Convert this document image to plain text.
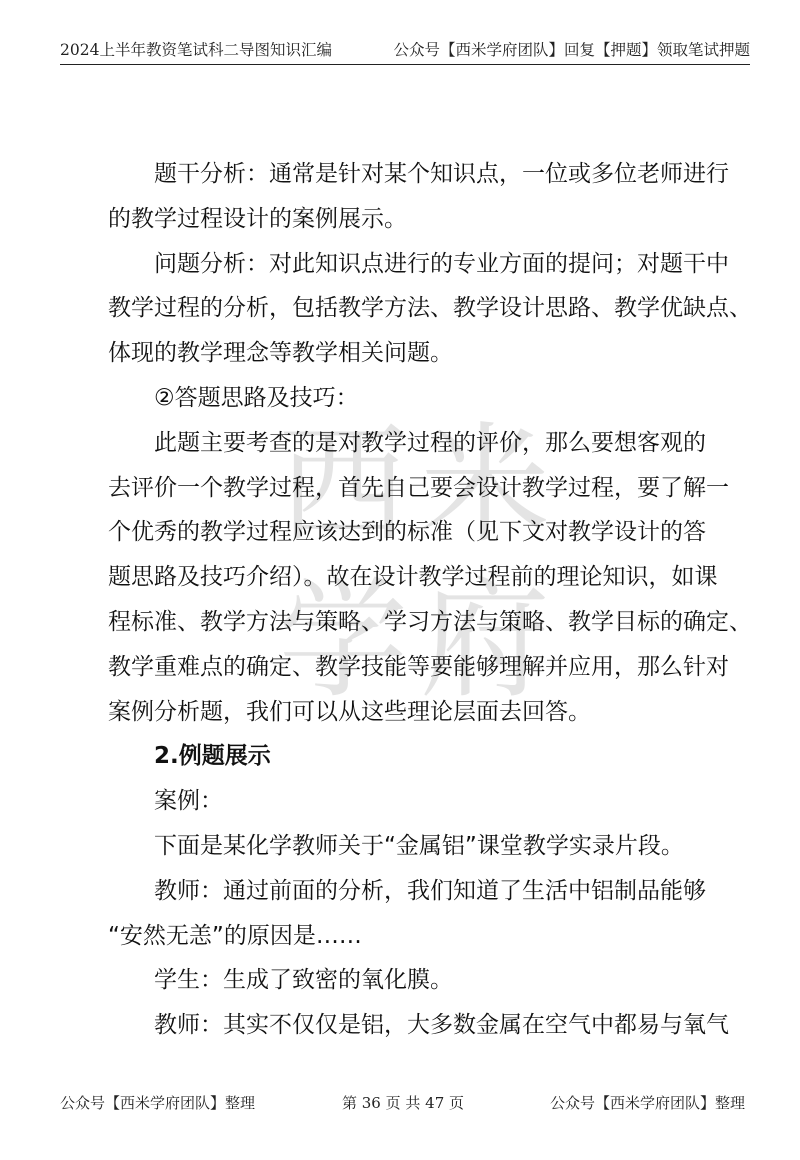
2024上半年教资笔试科二导图知识汇编	公众号【西米学府团队】回复【押题】领取笔试押题
西 米
学 府
题干分析：通常是针对某个知识点，一位或多位老师进行
的教学过程设计的案例展示。
问题分析：对此知识点进行的专业方面的提问；对题干中
教学过程的分析，包括教学方法、教学设计思路、教学优缺点、
体现的教学理念等教学相关问题。
②答题思路及技巧：
此题主要考查的是对教学过程的评价，那么要想客观的
去评价一个教学过程，首先自己要会设计教学过程，要了解一
个优秀的教学过程应该达到的标准（见下文对教学设计的答
题思路及技巧介绍）。故在设计教学过程前的理论知识，如课
程标准、教学方法与策略、学习方法与策略、教学目标的确定、
教学重难点的确定、教学技能等要能够理解并应用，那么针对
案例分析题，我们可以从这些理论层面去回答。
2.例题展示
案例：
下面是某化学教师关于“金属铝”课堂教学实录片段。
教师：通过前面的分析，我们知道了生活中铝制品能够
“安然无恙”的原因是……
学生：生成了致密的氧化膜。
教师：其实不仅仅是铝，大多数金属在空气中都易与氧气
公众号【西米学府团队】整理	第 36 页 共 47 页	公众号【西米学府团队】整理
